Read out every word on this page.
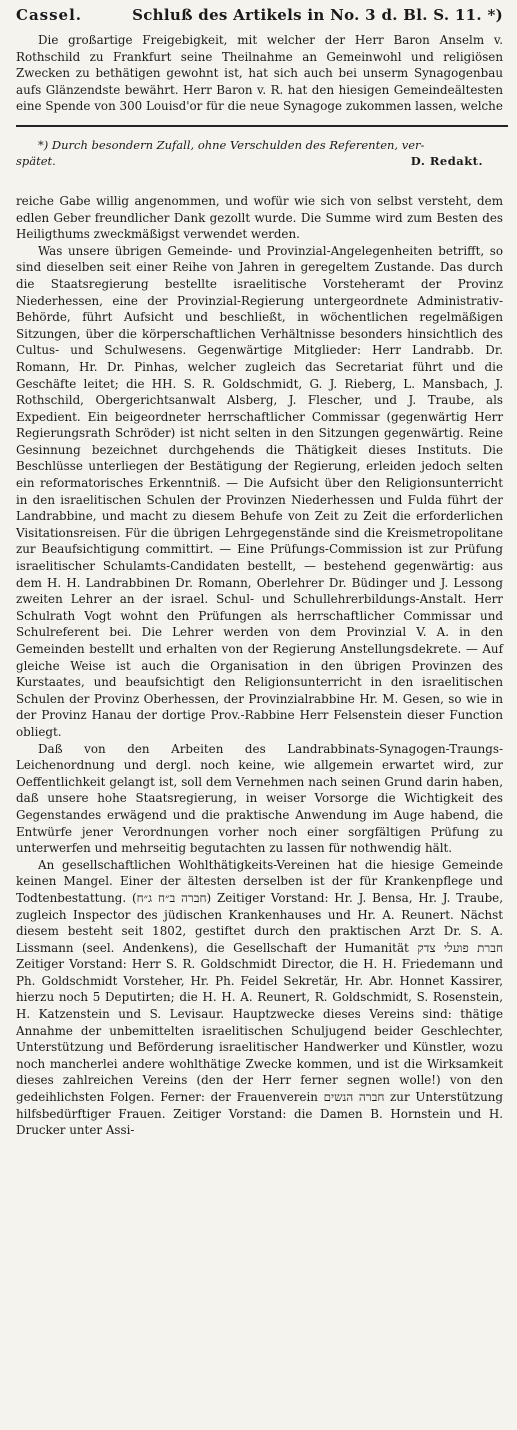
Cassel.	Schluß des Artikels in No. 3 d. Bl. S. 11. *)

Die großartige Freigebigkeit, mit welcher der Herr Baron Anselm v. Rothschild zu Frankfurt seine Theilnahme an Gemeinwohl und religiösen Zwecken zu bethätigen gewohnt ist, hat sich auch bei unserm Synagogenbau aufs Glänzendste bewährt. Herr Baron v. R. hat den hiesigen Gemeindeältesten eine Spende von 300 Louisd'or für die neue Synagoge zukommen lassen, welche

*) Durch besondern Zufall, ohne Verschulden des Referenten, ver-

spätet.	D. Redakt.

reiche Gabe willig angenommen, und wofür wie sich von selbst versteht, dem edlen Geber freundlicher Dank gezollt wurde. Die Summe wird zum Besten des Heiligthums zweckmäßigst verwendet werden.

Was unsere übrigen Gemeinde- und Provinzial-Angelegenheiten betrifft, so sind dieselben seit einer Reihe von Jahren in geregeltem Zustande. Das durch die Staatsregierung bestellte israelitische Vorsteheramt der Provinz Niederhessen, eine der Provinzial-Regierung untergeordnete Administrativ-Behörde, führt Aufsicht und beschließt, in wöchentlichen regelmäßigen Sitzungen, über die körperschaftlichen Verhältnisse besonders hinsichtlich des Cultus- und Schulwesens. Gegenwärtige Mitglieder: Herr Landrabb. Dr. Romann, Hr. Dr. Pinhas, welcher zugleich das Secretariat führt und die Geschäfte leitet; die HH. S. R. Goldschmidt, G. J. Rieberg, L. Mansbach, J. Rothschild, Obergerichtsanwalt Alsberg, J. Flescher, und J. Traube, als Expedient. Ein beigeordneter herrschaftlicher Commissar (gegenwärtig Herr Regierungsrath Schröder) ist nicht selten in den Sitzungen gegenwärtig. Reine Gesinnung bezeichnet durchgehends die Thätigkeit dieses Instituts. Die Beschlüsse unterliegen der Bestätigung der Regierung, erleiden jedoch selten ein reformatorisches Erkenntniß. — Die Aufsicht über den Religionsunterricht in den israelitischen Schulen der Provinzen Niederhessen und Fulda führt der Landrabbine, und macht zu diesem Behufe von Zeit zu Zeit die erforderlichen Visitationsreisen. Für die übrigen Lehrgegenstände sind die Kreismetropolitane zur Beaufsichtigung committirt. — Eine Prüfungs-Commission ist zur Prüfung israelitischer Schulamts-Candidaten bestellt, — bestehend gegenwärtig: aus dem H. H. Landrabbinen Dr. Romann, Oberlehrer Dr. Büdinger und J. Lessong zweiten Lehrer an der israel. Schul- und Schullehrerbildungs-Anstalt. Herr Schulrath Vogt wohnt den Prüfungen als herrschaftlicher Commissar und Schulreferent bei. Die Lehrer werden von dem Provinzial V. A. in den Gemeinden bestellt und erhalten von der Regierung Anstellungsdekrete. — Auf gleiche Weise ist auch die Organisation in den übrigen Provinzen des Kurstaates, und beaufsichtigt den Religionsunterricht in den israelitischen Schulen der Provinz Oberhessen, der Provinzialrabbine Hr. M. Gesen, so wie in der Provinz Hanau der dortige Prov.-Rabbine Herr Felsenstein dieser Function obliegt.

Daß von den Arbeiten des Landrabbinats-Synagogen-Traungs-Leichenordnung und dergl. noch keine, wie allgemein erwartet wird, zur Oeffentlichkeit gelangt ist, soll dem Vernehmen nach seinen Grund darin haben, daß unsere hohe Staatsregierung, in weiser Vorsorge die Wichtigkeit des Gegenstandes erwägend und die praktische Anwendung im Auge habend, die Entwürfe jener Verordnungen vorher noch einer sorgfältigen Prüfung zu unterwerfen und mehrseitig begutachten zu lassen für nothwendig hält.

An gesellschaftlichen Wohlthätigkeits-Vereinen hat die hiesige Gemeinde keinen Mangel. Einer der ältesten derselben ist der für Krankenpflege und Todtenbestattung. (חברה ב״ח ג״ח) Zeitiger Vorstand: Hr. J. Bensa, Hr. J. Traube, zugleich Inspector des jüdischen Krankenhauses und Hr. A. Reunert. Nächst diesem besteht seit 1802, gestiftet durch den praktischen Arzt Dr. S. A. Lissmann (seel. Andenkens), die Gesellschaft der Humanität חברת פועלי צדק Zeitiger Vorstand: Herr S. R. Goldschmidt Director, die H. H. Friedemann und Ph. Goldschmidt Vorsteher, Hr. Ph. Feidel Sekretär, Hr. Abr. Honnet Kassirer, hierzu noch 5 Deputirten; die H. H. A. Reunert, R. Goldschmidt, S. Rosenstein, H. Katzenstein und S. Levisaur. Hauptzwecke dieses Vereins sind: thätige Annahme der unbemittelten israelitischen Schuljugend beider Geschlechter, Unterstützung und Beförderung israelitischer Handwerker und Künstler, wozu noch mancherlei andere wohlthätige Zwecke kommen, und ist die Wirksamkeit dieses zahlreichen Vereins (den der Herr ferner segnen wolle!) von den gedeihlichsten Folgen. Ferner: der Frauenverein חברה הנשים zur Unterstützung hilfsbedürftiger Frauen. Zeitiger Vorstand: die Damen B. Hornstein und H. Drucker unter Assi-
